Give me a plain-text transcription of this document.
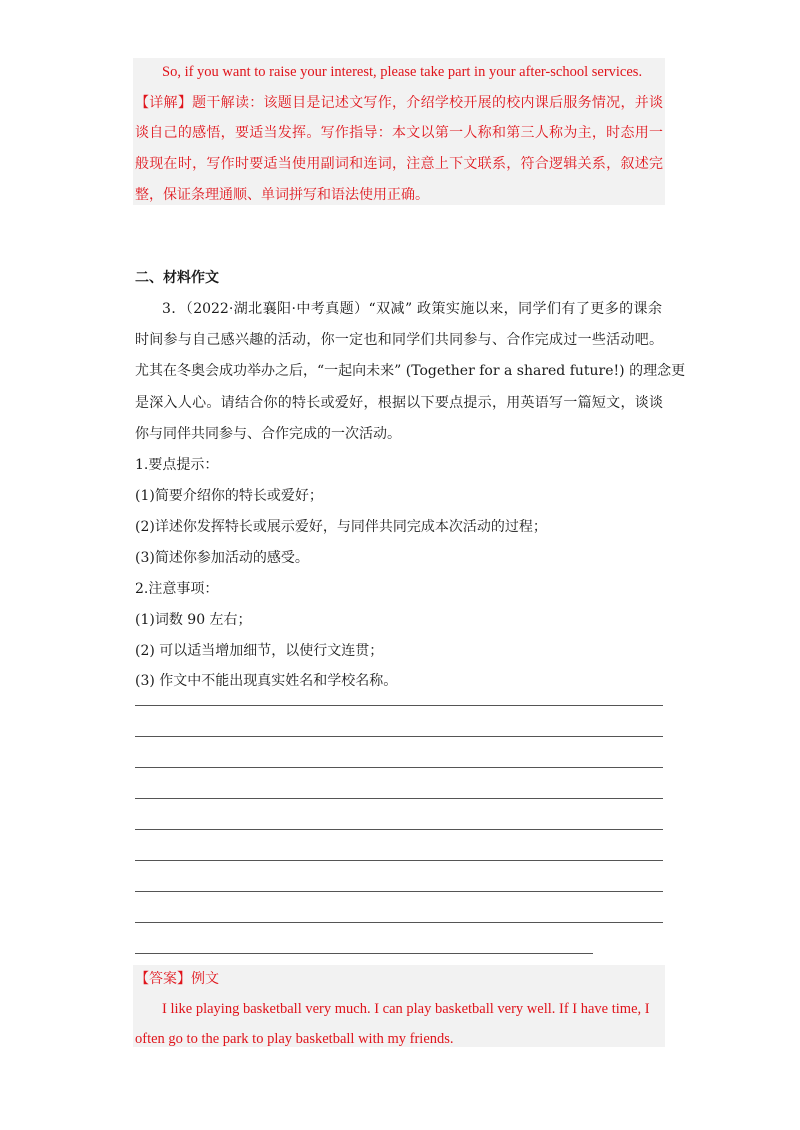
So, if you want to raise your interest, please take part in your after-school services.
【详解】题干解读：该题目是记述文写作，介绍学校开展的校内课后服务情况，并谈
谈自己的感悟，要适当发挥。写作指导：本文以第一人称和第三人称为主，时态用一
般现在时，写作时要适当使用副词和连词，注意上下文联系，符合逻辑关系，叙述完
整，保证条理通顺、单词拼写和语法使用正确。
二、材料作文
3．（2022·湖北襄阳·中考真题）“双减” 政策实施以来，同学们有了更多的课余
时间参与自己感兴趣的活动，你一定也和同学们共同参与、合作完成过一些活动吧。
尤其在冬奥会成功举办之后，“一起向未来” (Together for a shared future!) 的理念更
是深入人心。请结合你的特长或爱好，根据以下要点提示，用英语写一篇短文，谈谈
你与同伴共同参与、合作完成的一次活动。
1.要点提示：
(1)简要介绍你的特长或爱好；
(2)详述你发挥特长或展示爱好，与同伴共同完成本次活动的过程；
(3)简述你参加活动的感受。
2.注意事项：
(1)词数 90 左右；
(2) 可以适当增加细节，以使行文连贯；
(3) 作文中不能出现真实姓名和学校名称。
【答案】例文
I like playing basketball very much. I can play basketball very well. If I have time, I
often go to the park to play basketball with my friends.
